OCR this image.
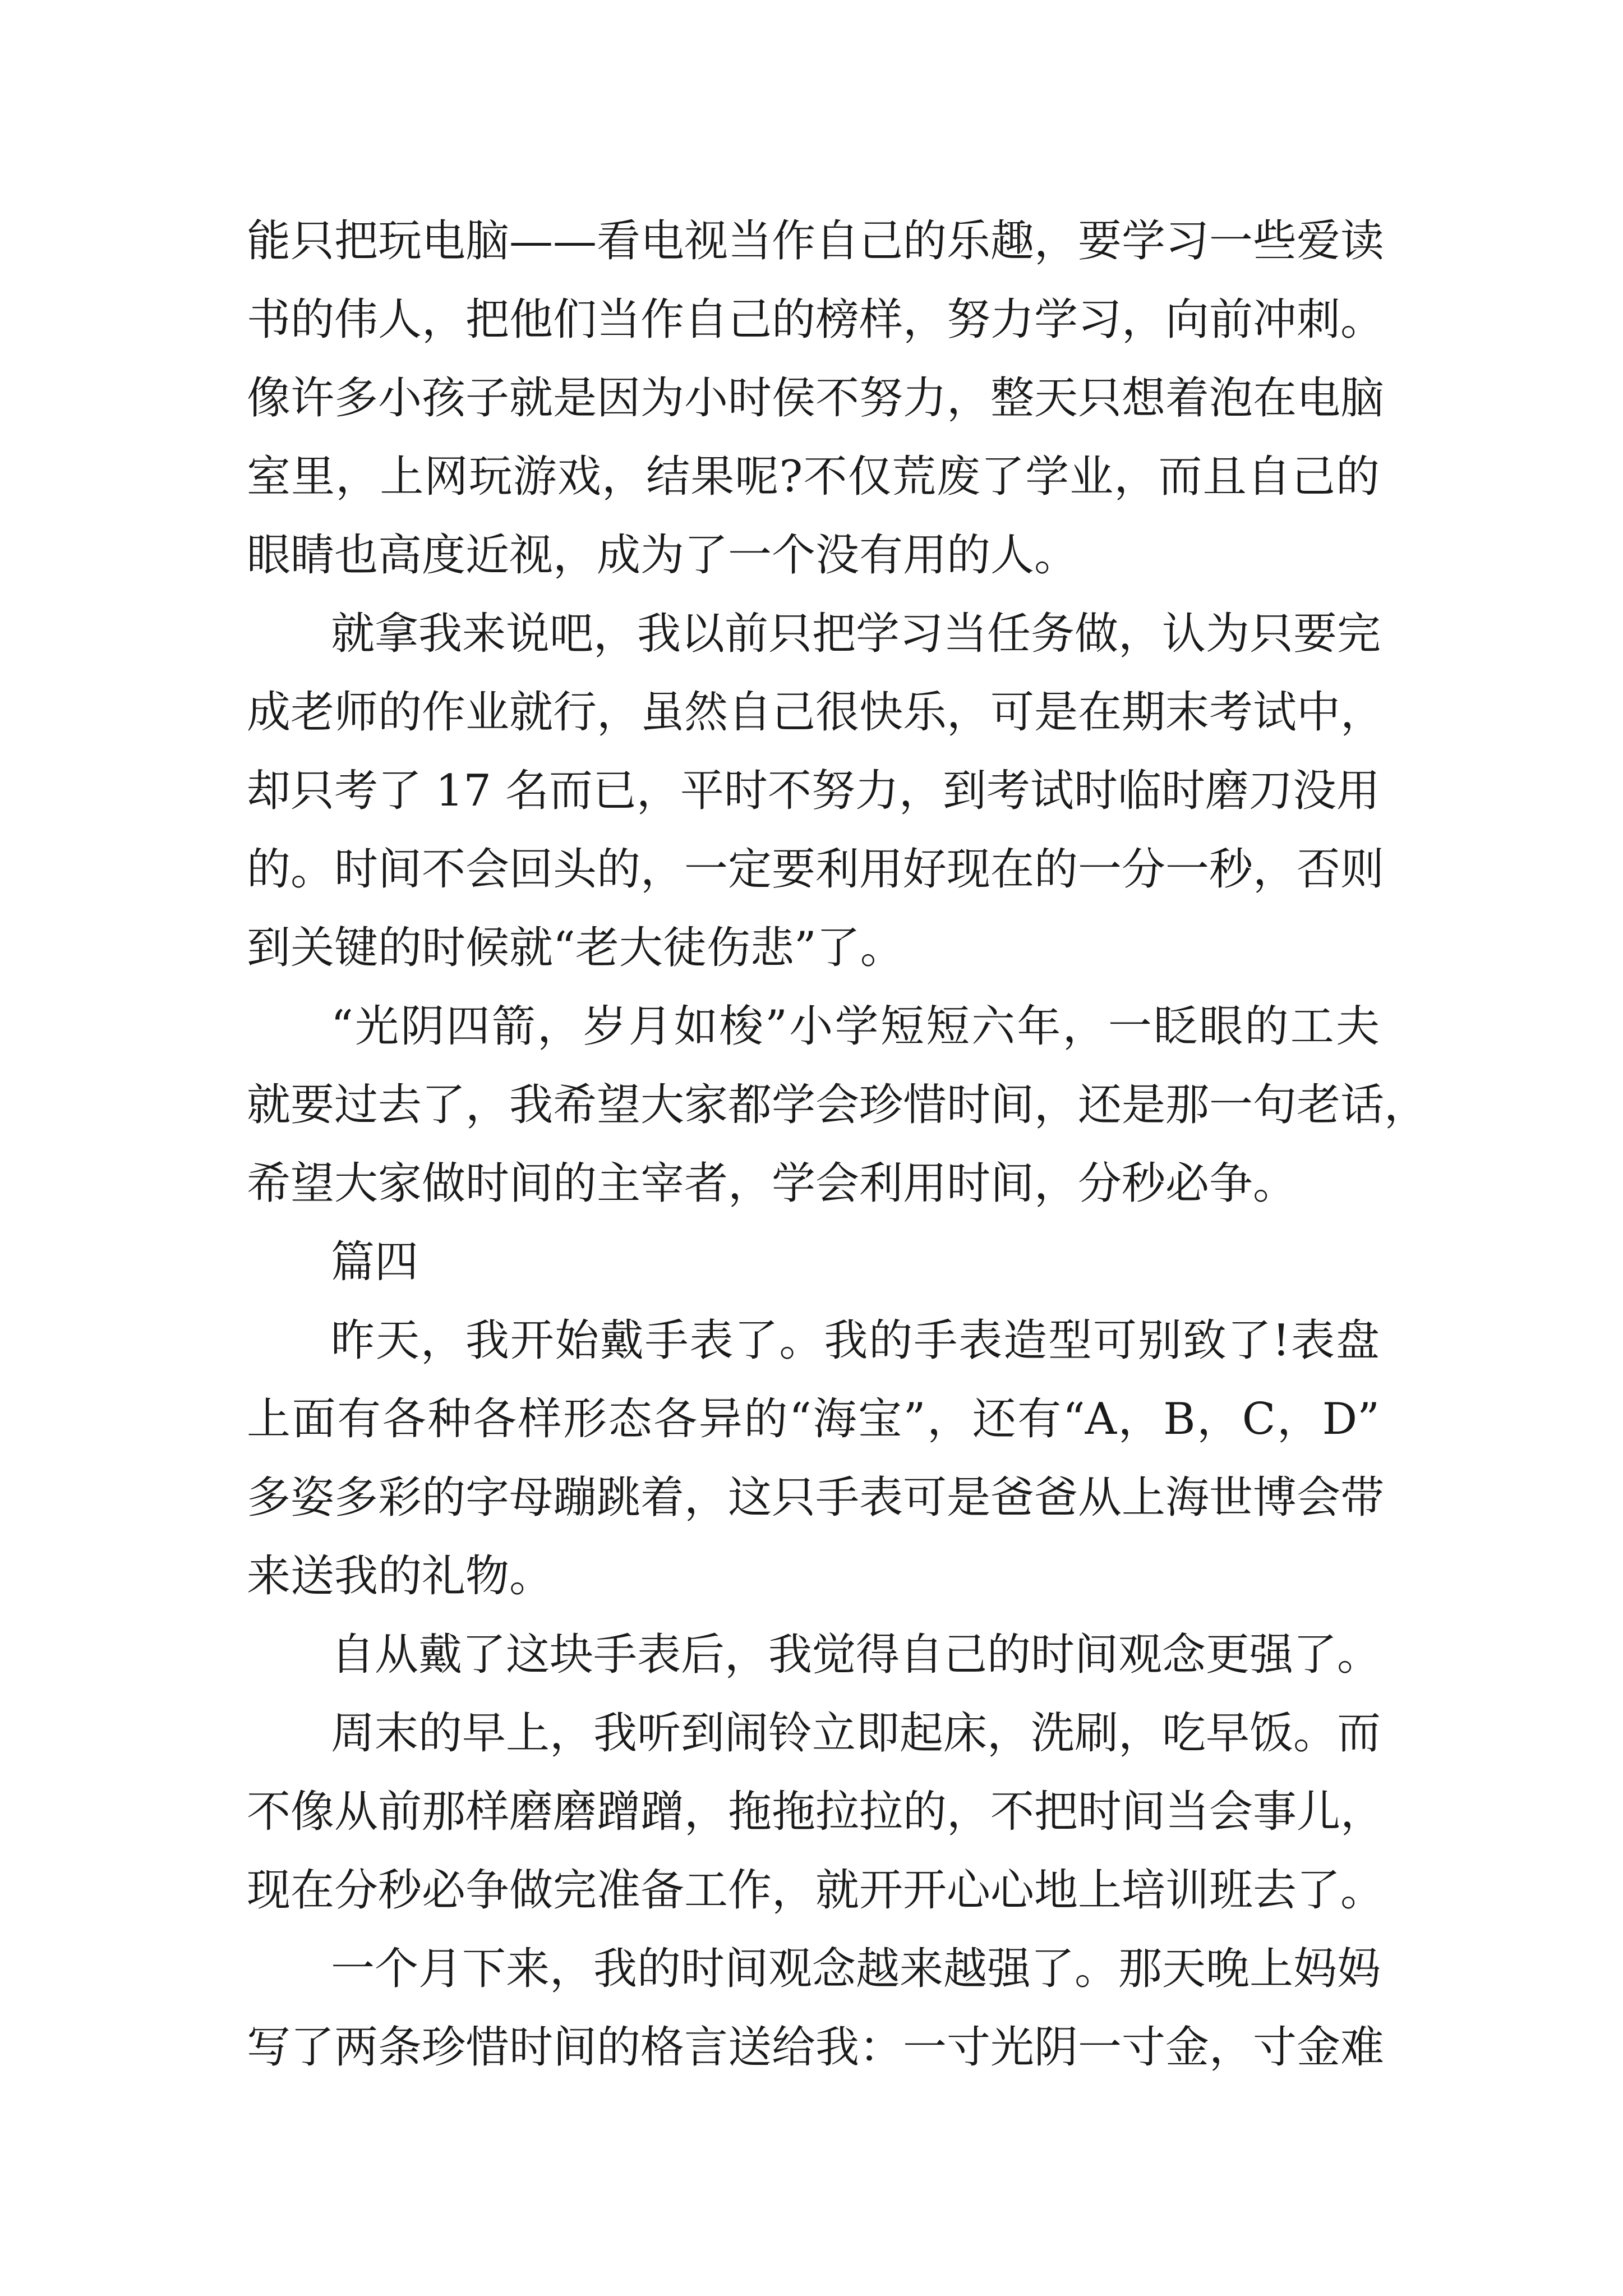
能只把玩电脑——看电视当作自己的乐趣，要学习一些爱读
书的伟人，把他们当作自己的榜样，努力学习，向前冲刺。
像许多小孩子就是因为小时侯不努力，整天只想着泡在电脑
室里，上网玩游戏，结果呢?不仅荒废了学业，而且自己的
眼睛也高度近视，成为了一个没有用的人。
就拿我来说吧，我以前只把学习当任务做，认为只要完
成老师的作业就行，虽然自己很快乐，可是在期末考试中，
却只考了 17 名而已，平时不努力，到考试时临时磨刀没用
的。时间不会回头的，一定要利用好现在的一分一秒，否则
到关键的时候就“老大徒伤悲”了。
“光阴四箭，岁月如梭”小学短短六年，一眨眼的工夫
就要过去了，我希望大家都学会珍惜时间，还是那一句老话，
希望大家做时间的主宰者，学会利用时间，分秒必争。
篇四
昨天，我开始戴手表了。我的手表造型可别致了!表盘
上面有各种各样形态各异的“海宝”，还有“A，B，C，D”
多姿多彩的字母蹦跳着，这只手表可是爸爸从上海世博会带
来送我的礼物。
自从戴了这块手表后，我觉得自己的时间观念更强了。
周末的早上，我听到闹铃立即起床，洗刷，吃早饭。而
不像从前那样磨磨蹭蹭，拖拖拉拉的，不把时间当会事儿，
现在分秒必争做完准备工作，就开开心心地上培训班去了。
一个月下来，我的时间观念越来越强了。那天晚上妈妈
写了两条珍惜时间的格言送给我：一寸光阴一寸金，寸金难
